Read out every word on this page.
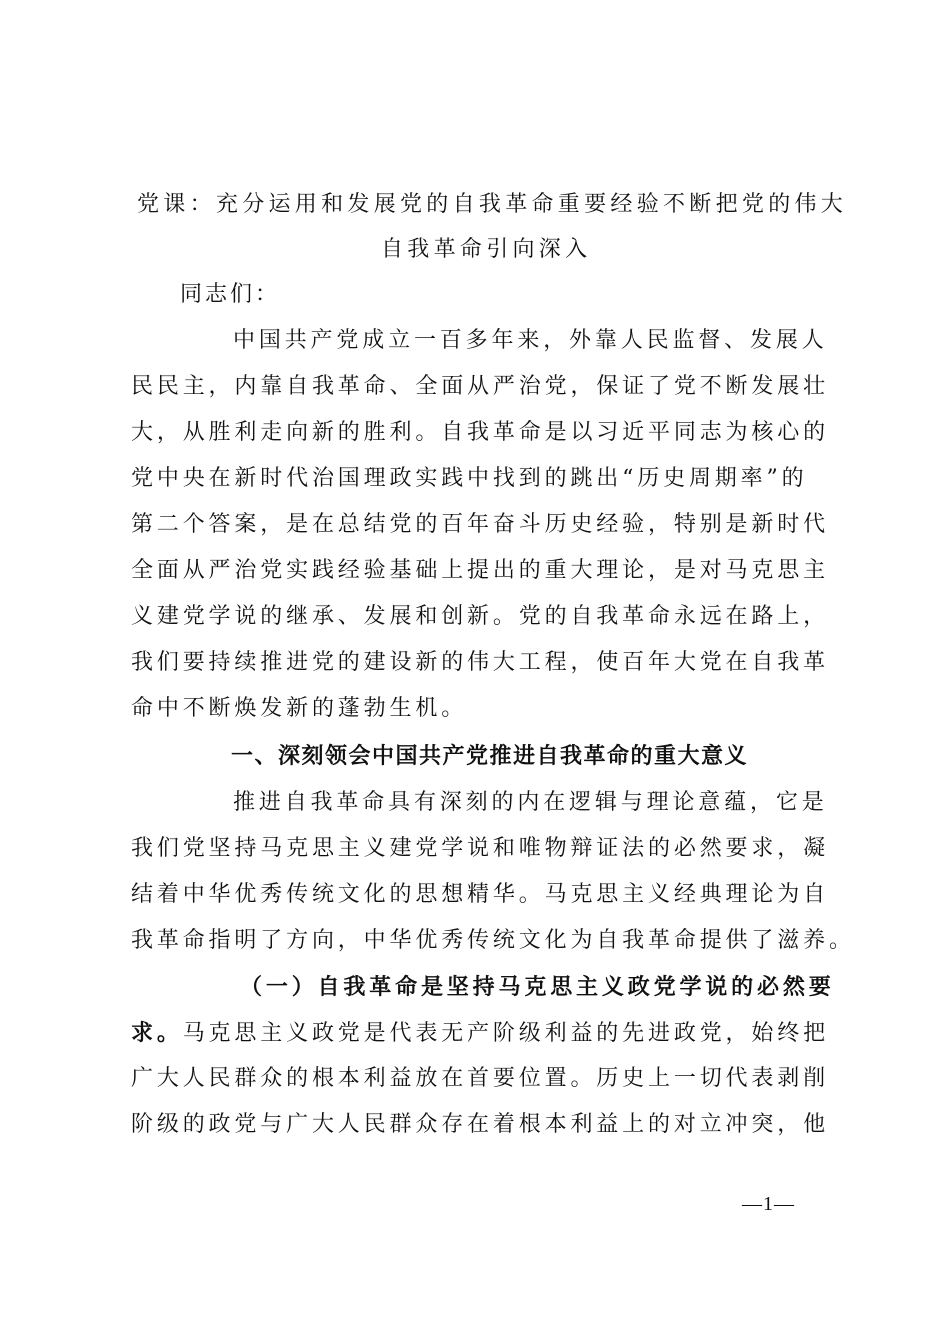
党课：充分运用和发展党的自我革命重要经验不断把党的伟大
自我革命引向深入
同志们：
中国共产党成立一百多年来，外靠人民监督、发展人
民民主，内靠自我革命、全面从严治党，保证了党不断发展壮
大，从胜利走向新的胜利。自我革命是以习近平同志为核心的
党中央在新时代治国理政实践中找到的跳出“历史周期率”的
第二个答案，是在总结党的百年奋斗历史经验，特别是新时代
全面从严治党实践经验基础上提出的重大理论，是对马克思主
义建党学说的继承、发展和创新。党的自我革命永远在路上，
我们要持续推进党的建设新的伟大工程，使百年大党在自我革
命中不断焕发新的蓬勃生机。
一、深刻领会中国共产党推进自我革命的重大意义
推进自我革命具有深刻的内在逻辑与理论意蕴，它是
我们党坚持马克思主义建党学说和唯物辩证法的必然要求，凝
结着中华优秀传统文化的思想精华。马克思主义经典理论为自
我革命指明了方向，中华优秀传统文化为自我革命提供了滋养。
（一）自我革命是坚持马克思主义政党学说的必然要
求。马克思主义政党是代表无产阶级利益的先进政党，始终把
广大人民群众的根本利益放在首要位置。历史上一切代表剥削
阶级的政党与广大人民群众存在着根本利益上的对立冲突，他
—1—
